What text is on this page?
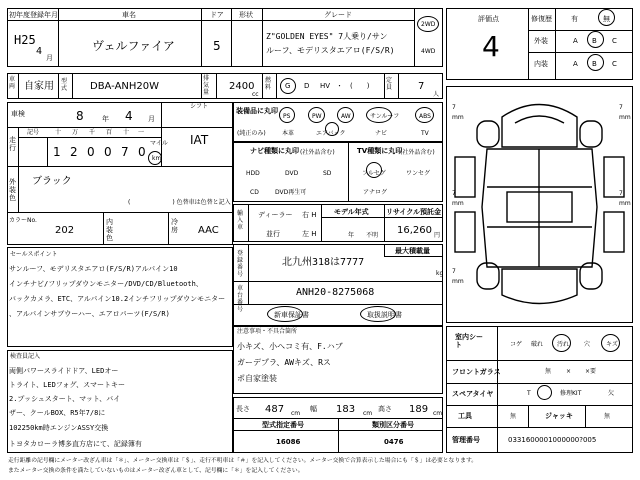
初年度登録年月
H25
4
月
車名
ヴェルファイア
ドア
5
形状	グレード
Z"GOLDEN EYES" 7人乗り/サン
ルーフ、モデリスタエアロ(F/S/R)
2WD
4WD
車　両 自家用 型式 DBA-ANH20W
排気量
2400
cc
燃料	G D HV ・　(　　)
定員	7
人
車検	8	年 4 月
シフト
IAT
走行
記号	十 万 千 百 十 一
1 2 0 0 7 0
マイル
km
外装色
ブラック
(　　　　　　　) 色替車は色替と記入
カラーNo.
202
内装色
冷房 AAC
装備品に丸印
(純正のみ)
PS	PW	AW	サンルーフ	ABS
本革	エアバック	ナビ	TV
ナビ種類に丸印 (社外品含む)
HDD	DVD	SD
CD	DVD再生可
TV種類に丸印
(社外品含む)
フルセグ	ワンセグ
アナログ
輸入車
ディーラー
並行
右 H
左 H
モデル年式
年 不明
リサイクル預託金
16,260 円
登録番号
北九州318は7777
最大積載量
kg
車台番号
ANH20-8275068
新車保証書	取扱説明書
セールスポイント
サンルーフ、モデリスタエアロ(F/S/R)アルパイン10
インチナビ/フリップダウンモニター/DVD/CD/Bluetooth、
バックカメラ、ETC、アルパイン10.2インチフリップダウンモニター
、アルパインサブウーハー、エアロパーツ(F/S/R)
検査員記入
両側パワースライドドア、LEDオー
トライト、LEDフォグ、スマートキー
2.プッシュスタート、マット、バイ
ザー、クールBOX、R5年7/8に
102250km時エンジンASSY交換
トヨタカローラ博多直方店にて、記録簿有
注意事項・不具合箇所
小キズ、小ヘコミ有、F.ハブ
ガーデプラ、AWキズ、Rス
ポ自家塗装
長さ 487 cm
幅 183 cm
高さ 189 cm
型式指定番号
16086
類別区分番号
0476
評価点
4
修復歴	有	無
外装	A B C
内装	A B C
7
mm
7
mm
7
mm
7
mm
7
mm
室内シート	コゲ 破れ 汚れ 穴	キズ
フロントガラス	無 × ×要
スペアタイヤ	T	修理KIT	欠
工具	無	ジャッキ	無
管理番号	0331600001000000?005
走行距離の記号欄にメーター改ざん車は「＊」、メーター交換車は「＄」、走行不明車は「＃」を記入してください。メーター交換で合算表示した場合にも「＄」は必要となります。
またメーター交換の条件を満たしていないものはメーター改ざん車として、記号欄に「＊」を記入してください。
